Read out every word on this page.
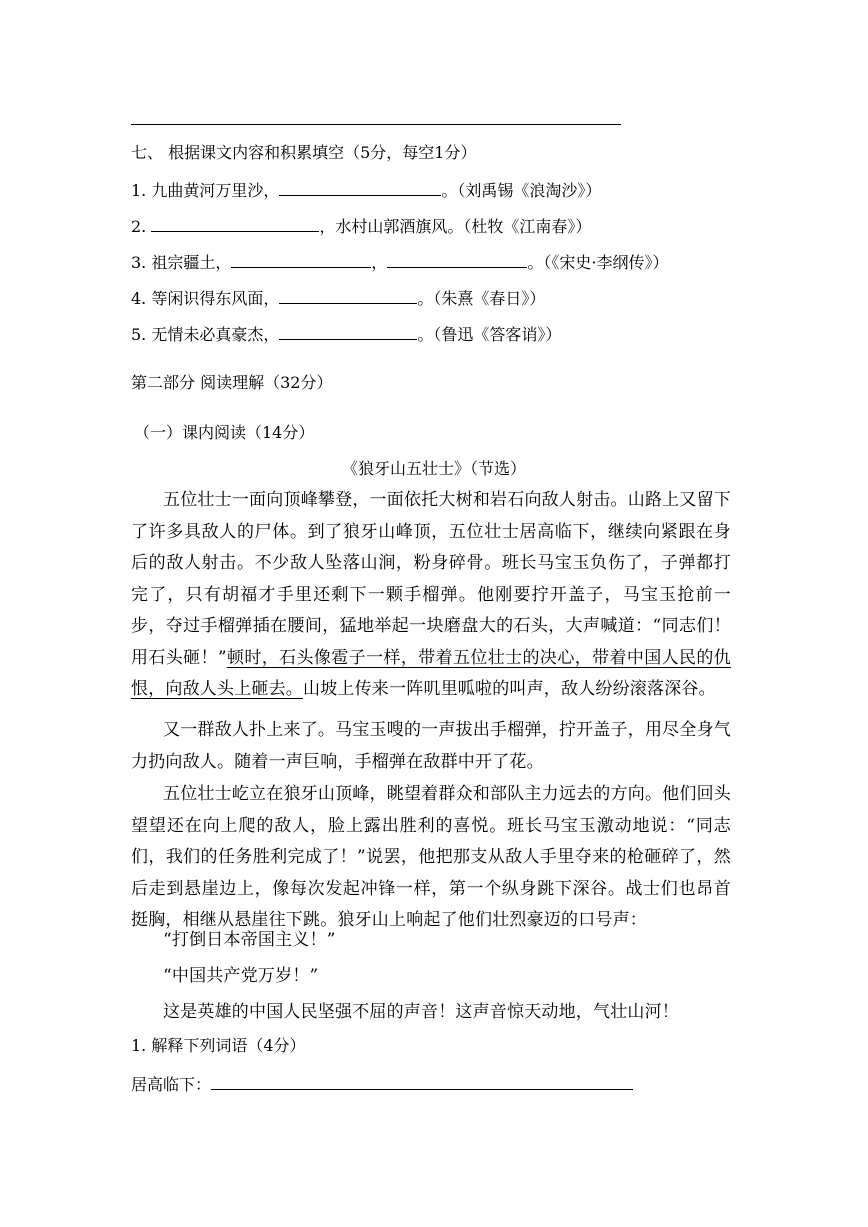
七、 根据课文内容和积累填空（5分，每空1分）
1. 九曲黄河万里沙，	。（刘禹锡《浪淘沙》）
2.	，水村山郭酒旗风。（杜牧《江南春》）
3. 祖宗疆土，	，	。（《宋史·李纲传》）
4. 等闲识得东风面，	。（朱熹《春日》）
5. 无情未必真豪杰，	。（鲁迅《答客诮》）
第二部分 阅读理解（32分）
（一）课内阅读（14分）
《狼牙山五壮士》（节选）
五位壮士一面向顶峰攀登，一面依托大树和岩石向敌人射击。山路上又留下了许多具敌人的尸体。到了狼牙山峰顶，五位壮士居高临下，继续向紧跟在身后的敌人射击。不少敌人坠落山涧，粉身碎骨。班长马宝玉负伤了，子弹都打完了，只有胡福才手里还剩下一颗手榴弹。他刚要拧开盖子，马宝玉抢前一步，夺过手榴弹插在腰间，猛地举起一块磨盘大的石头，大声喊道：“同志们！用石头砸！”顿时，石头像雹子一样，带着五位壮士的决心，带着中国人民的仇恨，向敌人头上砸去。山坡上传来一阵叽里呱啦的叫声，敌人纷纷滚落深谷。
又一群敌人扑上来了。马宝玉嗖的一声拔出手榴弹，拧开盖子，用尽全身气力扔向敌人。随着一声巨响，手榴弹在敌群中开了花。
五位壮士屹立在狼牙山顶峰，眺望着群众和部队主力远去的方向。他们回头望望还在向上爬的敌人，脸上露出胜利的喜悦。班长马宝玉激动地说：“同志们，我们的任务胜利完成了！”说罢，他把那支从敌人手里夺来的枪砸碎了，然后走到悬崖边上，像每次发起冲锋一样，第一个纵身跳下深谷。战士们也昂首挺胸，相继从悬崖往下跳。狼牙山上响起了他们壮烈豪迈的口号声：
“打倒日本帝国主义！”
“中国共产党万岁！”
这是英雄的中国人民坚强不屈的声音！这声音惊天动地，气壮山河！
1. 解释下列词语（4分）
居高临下：
